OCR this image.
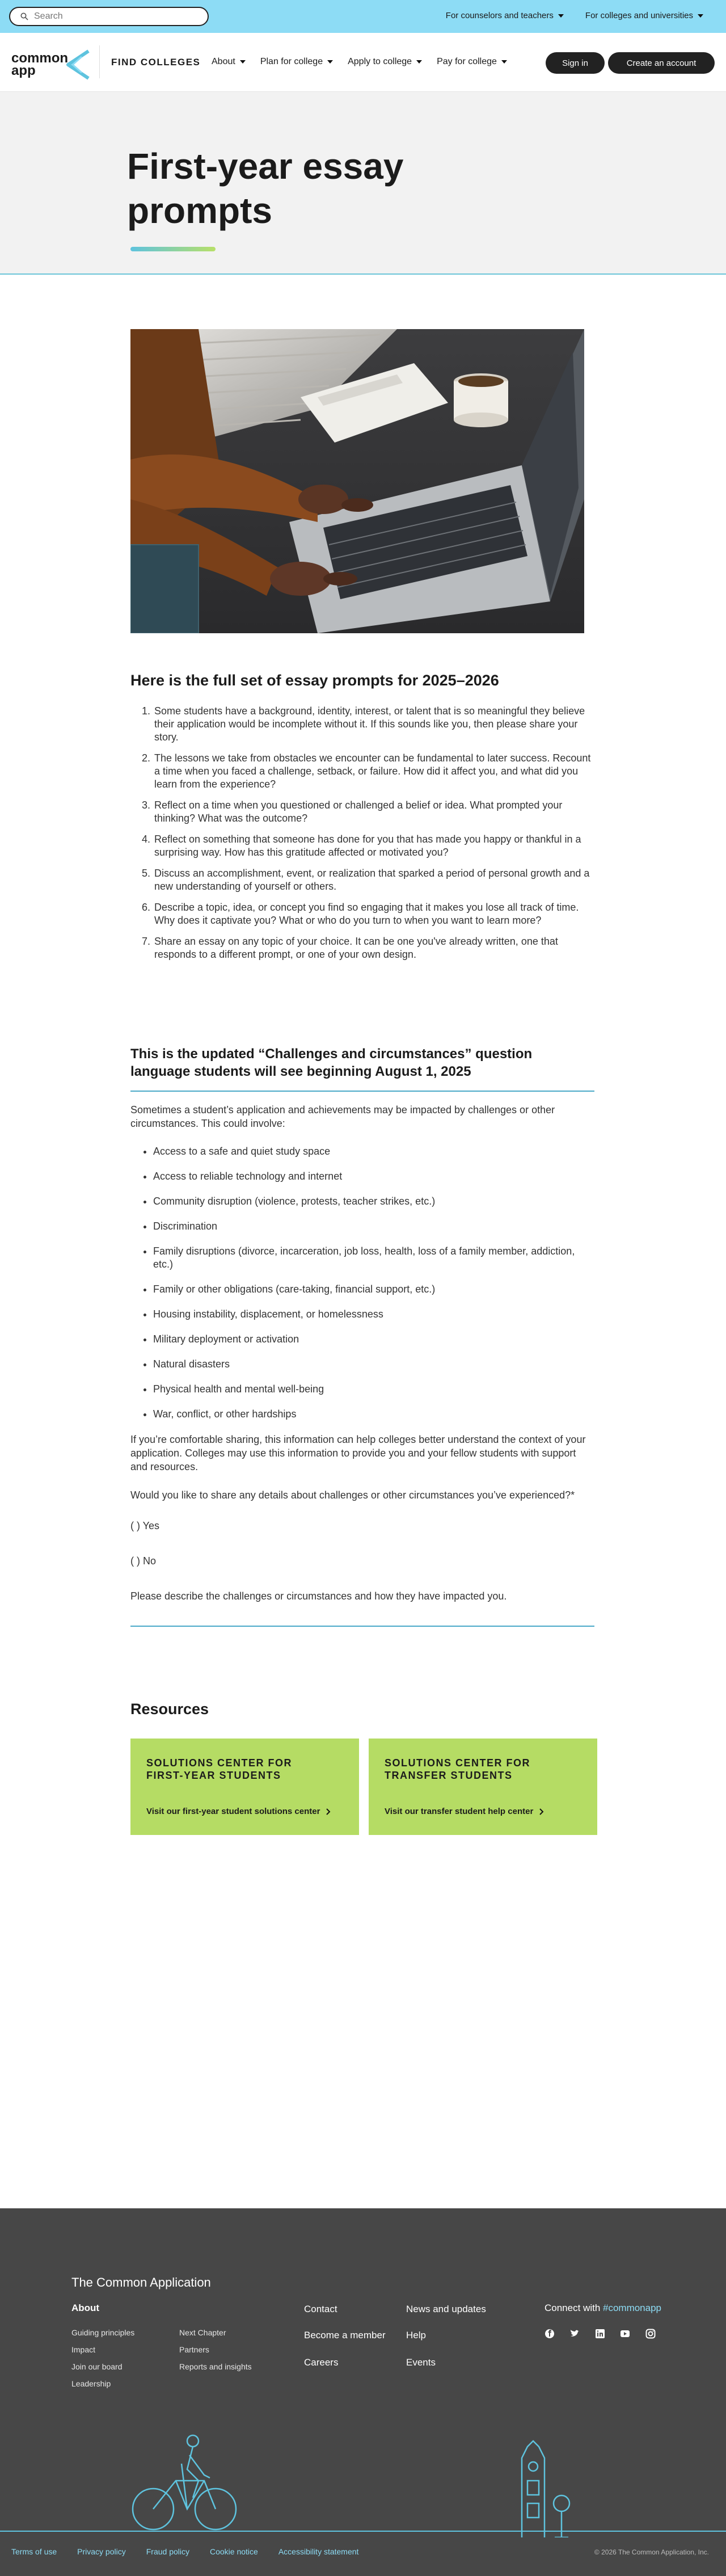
Search
For counselors and teachers	For colleges and universities
common app
FIND COLLEGES About	Plan for college	Apply to college	Pay for college	Sign in	Create an account
First-year essay prompts
Here is the full set of essay prompts for 2025–2026
1. Some students have a background, identity, interest, or talent that is so meaningful they believe their application would be incomplete without it. If this sounds like you, then please share your story.
2. The lessons we take from obstacles we encounter can be fundamental to later success. Recount a time when you faced a challenge, setback, or failure. How did it affect you, and what did you learn from the experience?
3. Reflect on a time when you questioned or challenged a belief or idea. What prompted your thinking? What was the outcome?
4. Reflect on something that someone has done for you that has made you happy or thankful in a surprising way. How has this gratitude affected or motivated you?
5. Discuss an accomplishment, event, or realization that sparked a period of personal growth and a new understanding of yourself or others.
6. Describe a topic, idea, or concept you find so engaging that it makes you lose all track of time. Why does it captivate you? What or who do you turn to when you want to learn more?
7. Share an essay on any topic of your choice. It can be one you've already written, one that responds to a different prompt, or one of your own design.
This is the updated “Challenges and circumstances” question language students will see beginning August 1, 2025

Sometimes a student’s application and achievements may be impacted by challenges or other circumstances. This could involve:

• Access to a safe and quiet study space
• Access to reliable technology and internet
• Community disruption (violence, protests, teacher strikes, etc.)
• Discrimination
• Family disruptions (divorce, incarceration, job loss, health, loss of a family member, addiction, etc.)
• Family or other obligations (care-taking, financial support, etc.)
• Housing instability, displacement, or homelessness
• Military deployment or activation
• Natural disasters
• Physical health and mental well-being
• War, conflict, or other hardships

If you’re comfortable sharing, this information can help colleges better understand the context of your application. Colleges may use this information to provide you and your fellow students with support and resources.

Would you like to share any details about challenges or other circumstances you’ve experienced?*

( ) Yes

( ) No

Please describe the challenges or circumstances and how they have impacted you.

Resources
SOLUTIONS CENTER FOR FIRST-YEAR STUDENTS
Visit our first-year student solutions center
SOLUTIONS CENTER FOR TRANSFER STUDENTS
Visit our transfer student help center
The Common Application
About
Guiding principles
Impact
Join our board
Leadership
Next Chapter
Partners
Reports and insights
Contact
Become a member
Careers
News and updates
Help
Events
Connect with #commonapp

Terms of use	Privacy policy	Fraud policy	Cookie notice	Accessibility statement	© 2026 The Common Application, Inc.
